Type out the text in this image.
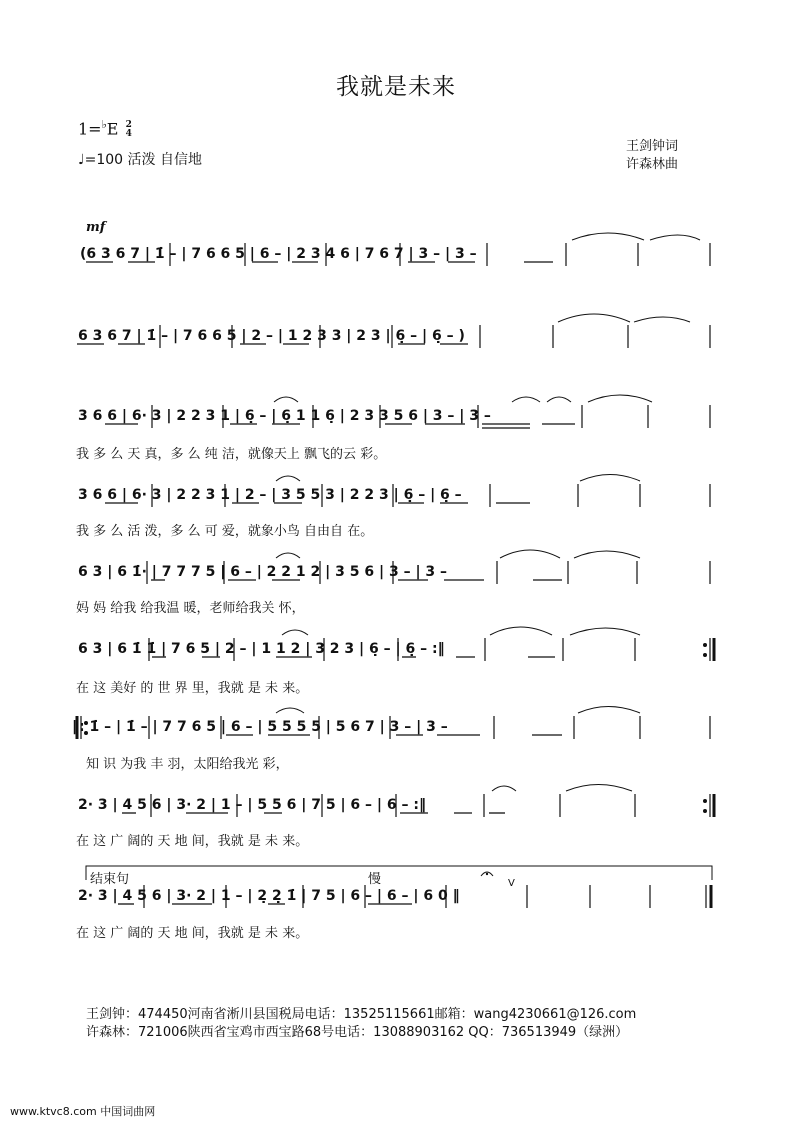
我就是未来
1=♭E 2
4
♩=100 活泼 自信地
王剑钟词
许森林曲
mf
(6 3 6 7 | 1̇ – | 7 6 6 5 | 6 – | 2 3 4 6 | 7 6 7 | 3 – | 3 –
6 3 6 7 | 1̇ – | 7 6 6 5 | 2 – | 1 2 3 3 | 2 3 | 6̣ – | 6̣ – )
3 6 6 | 6· 3 | 2 2 3 1 | 6̣ – | 6̣ 1 1 6̣ | 2 3 3 5 6 | 3 – | 3 –
我 多 么 天 真，多 么 纯 洁，就像天上 飘飞的云 彩。
3 6 6 | 6· 3 | 2 2 3 1 | 2 – | 3 5 5 3 | 2 2 3 | 6̣ – | 6̣ –
我 多 么 活 泼，多 么 可 爱，就象小鸟 自由自 在。
6 3 | 6 1̇· | 7 7 7 5 | 6 – | 2 2 1 2 | 3 5 6 | 3 – | 3 –
妈 妈 给我 给我温 暖，老师给我关 怀，
6 3 | 6 1̇ 1̇ | 7 6 5 | 2 – | 1 1 2 | 3 2 3 | 6̣ – | 6̣ – :‖
在 这 美好 的 世 界 里，我就 是 未 来。
‖: 1̇ – | 1̇ – | 7 7 6 5 | 6 – | 5 5 5 5 | 5 6 7 | 3 – | 3 –
知 识 为我 丰 羽，太阳给我光 彩，
2· 3 | 4 5 6 | 3· 2 | 1 – | 5 5 6 | 7 5 | 6 – | 6 – :‖
在 这 广 阔的 天 地 间，我就 是 未 来。
结束句	慢	V
2· 3 | 4 5 6 | 3· 2 | 1 – | 2̣ 2̣ 1̇ | 7 5 | 6 – | 6 – | 6 0 ‖
在 这 广 阔的 天 地 间，我就 是 未 来。
王剑钟：474450河南省淅川县国税局电话：13525115661邮箱：wang4230661@126.com
许森林：721006陕西省宝鸡市西宝路68号电话：13088903162 QQ：736513949（绿洲）
www.ktvc8.com 中国词曲网
